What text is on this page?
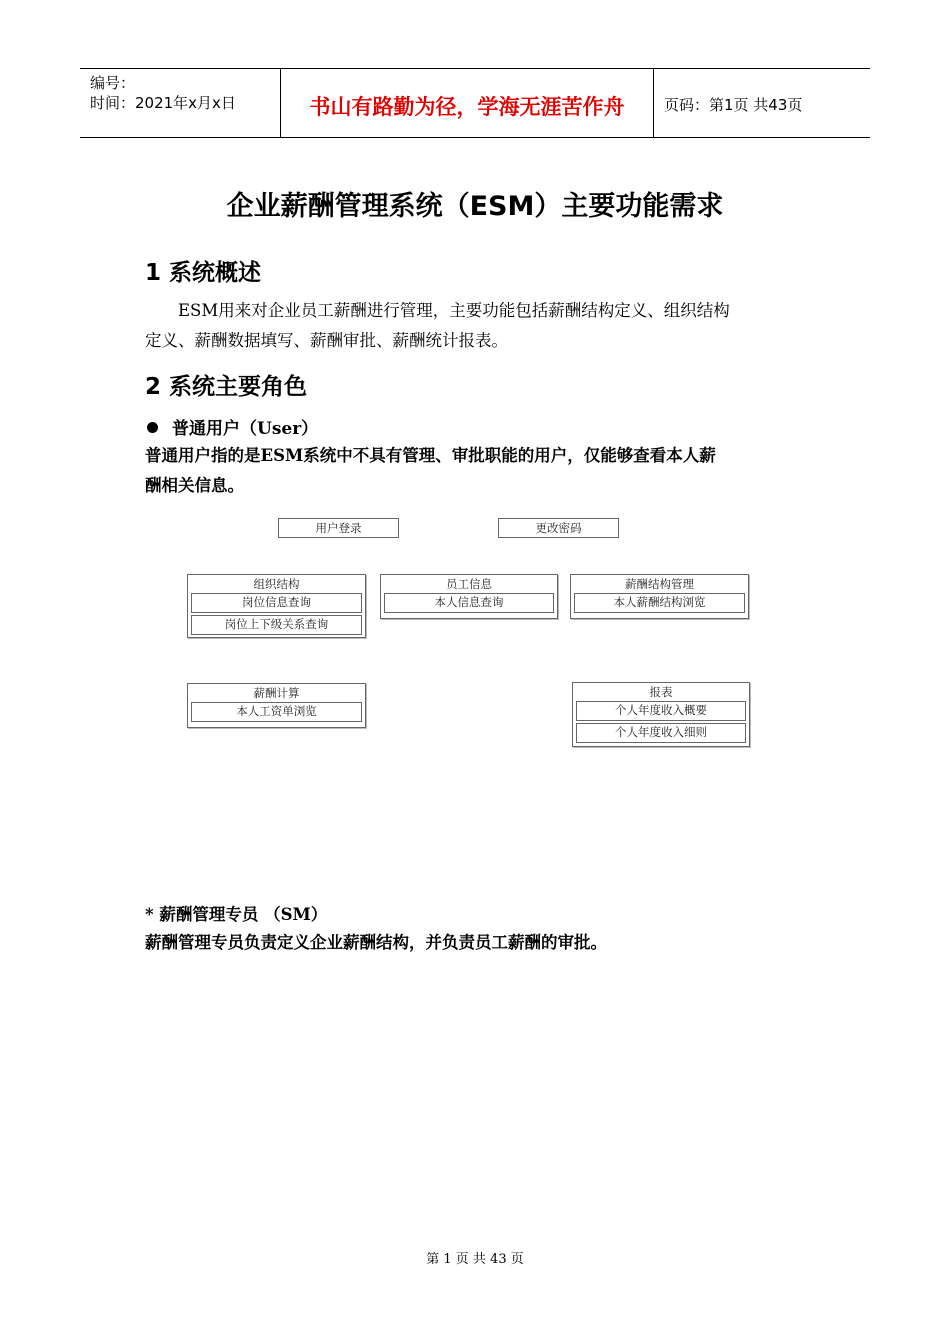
编号：
时间：2021年x月x日	书山有路勤为径，学海无涯苦作舟	页码：第1页 共43页
企业薪酬管理系统（ESM）主要功能需求
1 系统概述
ESM用来对企业员工薪酬进行管理，主要功能包括薪酬结构定义、组织结构
定义、薪酬数据填写、薪酬审批、薪酬统计报表。
2 系统主要角色
普通用户（User）
普通用户指的是ESM系统中不具有管理、审批职能的用户，仅能够查看本人薪
酬相关信息。
用户登录	更改密码
组织结构
岗位信息查询
岗位上下级关系查询
员工信息
本人信息查询
薪酬结构管理
本人薪酬结构浏览
薪酬计算
本人工资单浏览
报表
个人年度收入概要
个人年度收入细则
* 薪酬管理专员 （SM）
薪酬管理专员负责定义企业薪酬结构，并负责员工薪酬的审批。
第 1 页 共 43 页
